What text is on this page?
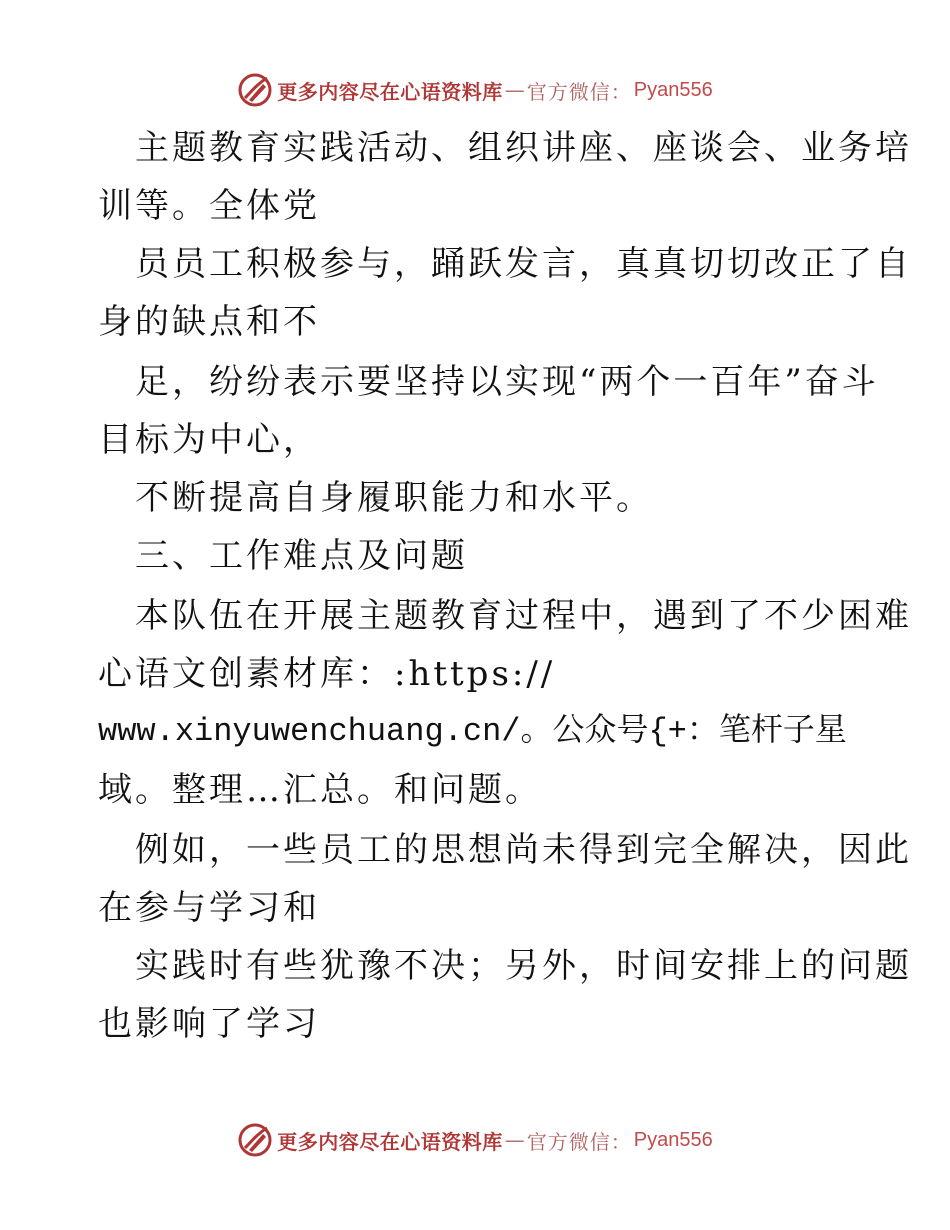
更多内容尽在心语资料库 — 官方微信： Pyan556
　主题教育实践活动、组织讲座、座谈会、业务培
训等。全体党
　员员工积极参与，踊跃发言，真真切切改正了自
身的缺点和不
　足，纷纷表示要坚持以实现“两个一百年”奋斗
目标为中心，
　不断提高自身履职能力和水平。
　三、工作难点及问题
　本队伍在开展主题教育过程中，遇到了不少困难
心语文创素材库：:https://
www.xinyuwenchuang.cn/。公众号{+：笔杆子星
域。整理…汇总。和问题。
　例如，一些员工的思想尚未得到完全解决，因此
在参与学习和
　实践时有些犹豫不决；另外，时间安排上的问题
也影响了学习
更多内容尽在心语资料库 — 官方微信： Pyan556
